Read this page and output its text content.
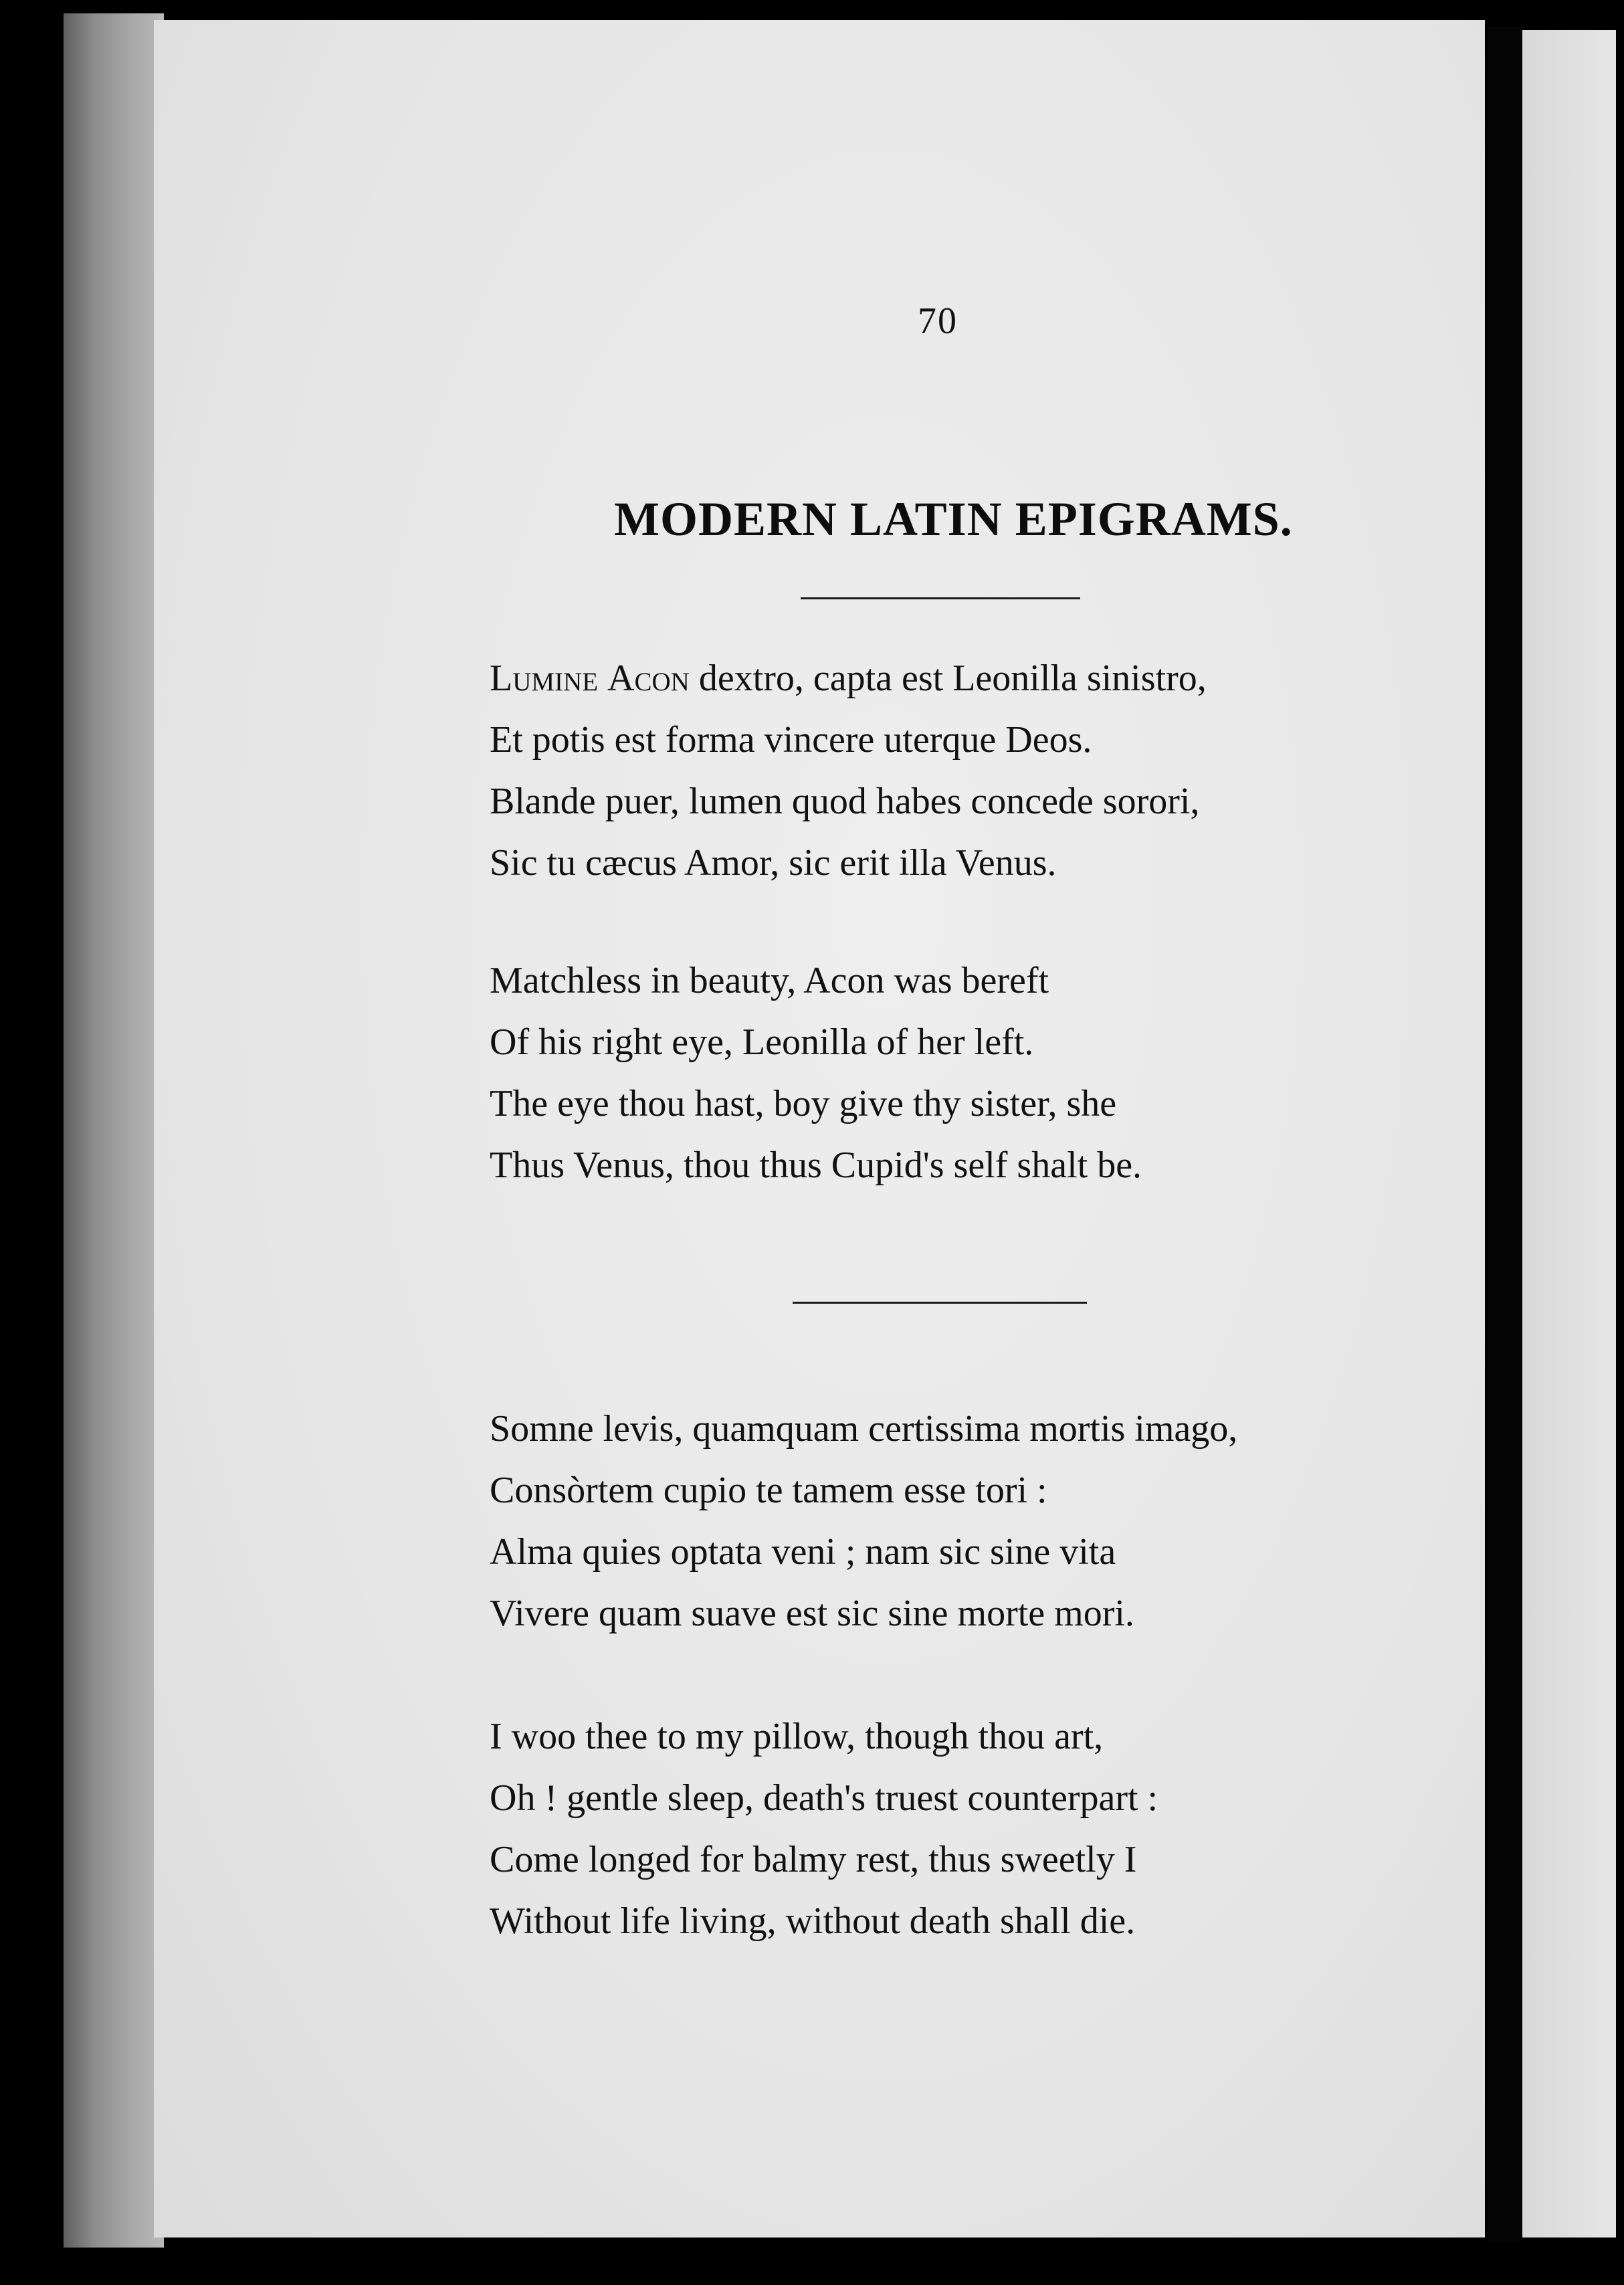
70
MODERN LATIN EPIGRAMS.
Lumine Acon dextro, capta est Leonilla sinistro,
Et potis est forma vincere uterque Deos.
Blande puer, lumen quod habes concede sorori,
Sic tu cæcus Amor, sic erit illa Venus.
Matchless in beauty, Acon was bereft
Of his right eye, Leonilla of her left.
The eye thou hast, boy give thy sister, she
Thus Venus, thou thus Cupid's self shalt be.
Somne levis, quamquam certissima mortis imago,
Consòrtem cupio te tamem esse tori :
Alma quies optata veni ; nam sic sine vita
Vivere quam suave est sic sine morte mori.
I woo thee to my pillow, though thou art,
Oh ! gentle sleep, death's truest counterpart :
Come longed for balmy rest, thus sweetly I
Without life living, without death shall die.
